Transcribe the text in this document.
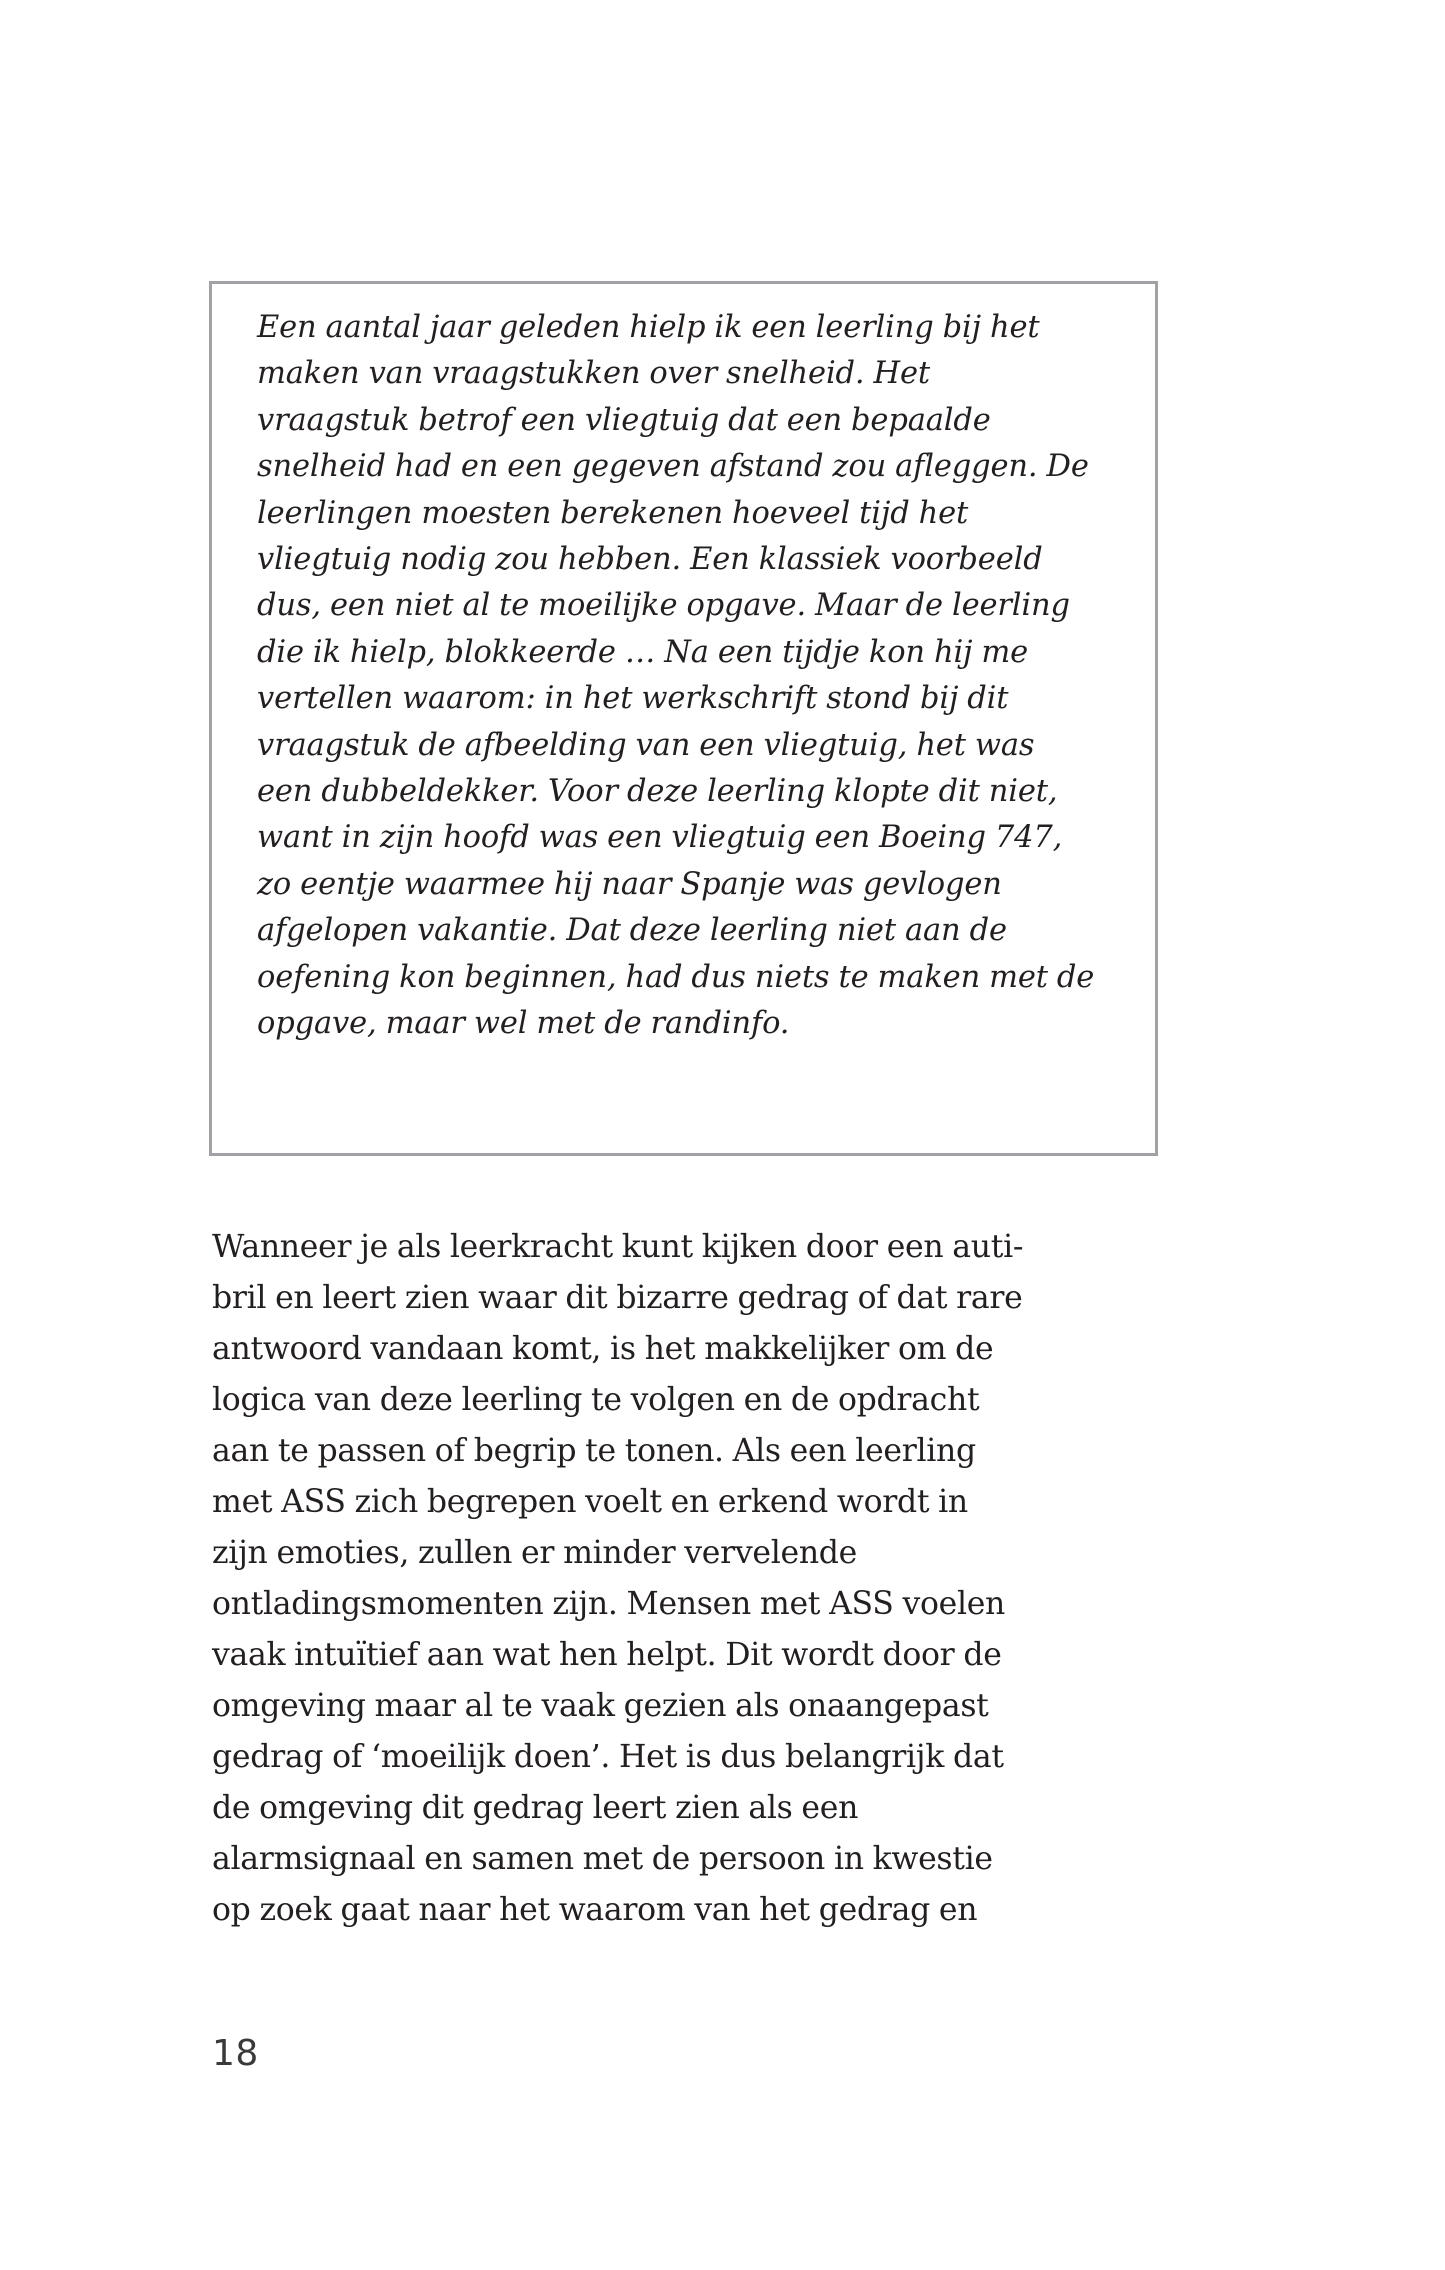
Een aantal jaar geleden hielp ik een leerling bij het
maken van vraagstukken over snelheid. Het
vraagstuk betrof een vliegtuig dat een bepaalde
snelheid had en een gegeven afstand zou afleggen. De
leerlingen moesten berekenen hoeveel tijd het
vliegtuig nodig zou hebben. Een klassiek voorbeeld
dus, een niet al te moeilijke opgave. Maar de leerling
die ik hielp, blokkeerde … Na een tijdje kon hij me
vertellen waarom: in het werkschrift stond bij dit
vraagstuk de afbeelding van een vliegtuig, het was
een dubbeldekker. Voor deze leerling klopte dit niet,
want in zijn hoofd was een vliegtuig een Boeing 747,
zo eentje waarmee hij naar Spanje was gevlogen
afgelopen vakantie. Dat deze leerling niet aan de
oefening kon beginnen, had dus niets te maken met de
opgave, maar wel met de randinfo.
Wanneer je als leerkracht kunt kijken door een auti-
bril en leert zien waar dit bizarre gedrag of dat rare
antwoord vandaan komt, is het makkelijker om de
logica van deze leerling te volgen en de opdracht
aan te passen of begrip te tonen. Als een leerling
met ASS zich begrepen voelt en erkend wordt in
zijn emoties, zullen er minder vervelende
ontladingsmomenten zijn. Mensen met ASS voelen
vaak intuïtief aan wat hen helpt. Dit wordt door de
omgeving maar al te vaak gezien als onaangepast
gedrag of ‘moeilijk doen’. Het is dus belangrijk dat
de omgeving dit gedrag leert zien als een
alarmsignaal en samen met de persoon in kwestie
op zoek gaat naar het waarom van het gedrag en
18
